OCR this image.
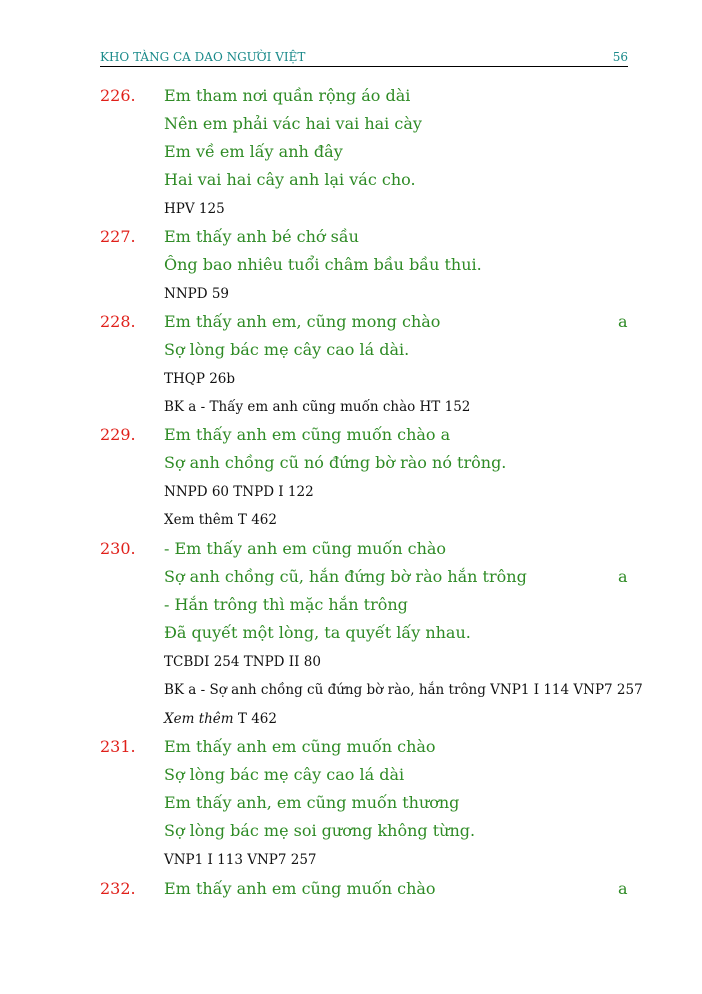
KHO TÀNG CA DAO NGƯỜI VIỆT	56
226. Em tham nơi quần rộng áo dài
Nên em phải vác hai vai hai cày
Em về em lấy anh đây
Hai vai hai cây anh lại vác cho.
HPV 125
227. Em thấy anh bé chớ sầu
Ông bao nhiêu tuổi châm bầu bầu thui.
NNPD 59
228. Em thấy anh em, cũng mong chào	a
Sợ lòng bác mẹ cây cao lá dài.
THQP 26b
BK a - Thấy em anh cũng muốn chào HT 152
229. Em thấy anh em cũng muốn chào a
Sợ anh chồng cũ nó đứng bờ rào nó trông.
NNPD 60 TNPD I 122
Xem thêm T 462
230. - Em thấy anh em cũng muốn chào
Sợ anh chồng cũ, hắn đứng bờ rào hắn trông	a
- Hắn trông thì mặc hắn trông
Đã quyết một lòng, ta quyết lấy nhau.
TCBDI 254 TNPD II 80
BK a - Sợ anh chồng cũ đứng bờ rào, hắn trông VNP1 I 114 VNP7 257
Xem thêm T 462
231. Em thấy anh em cũng muốn chào
Sợ lòng bác mẹ cây cao lá dài
Em thấy anh, em cũng muốn thương
Sợ lòng bác mẹ soi gương không từng.
VNP1 I 113 VNP7 257
232. Em thấy anh em cũng muốn chào	a
